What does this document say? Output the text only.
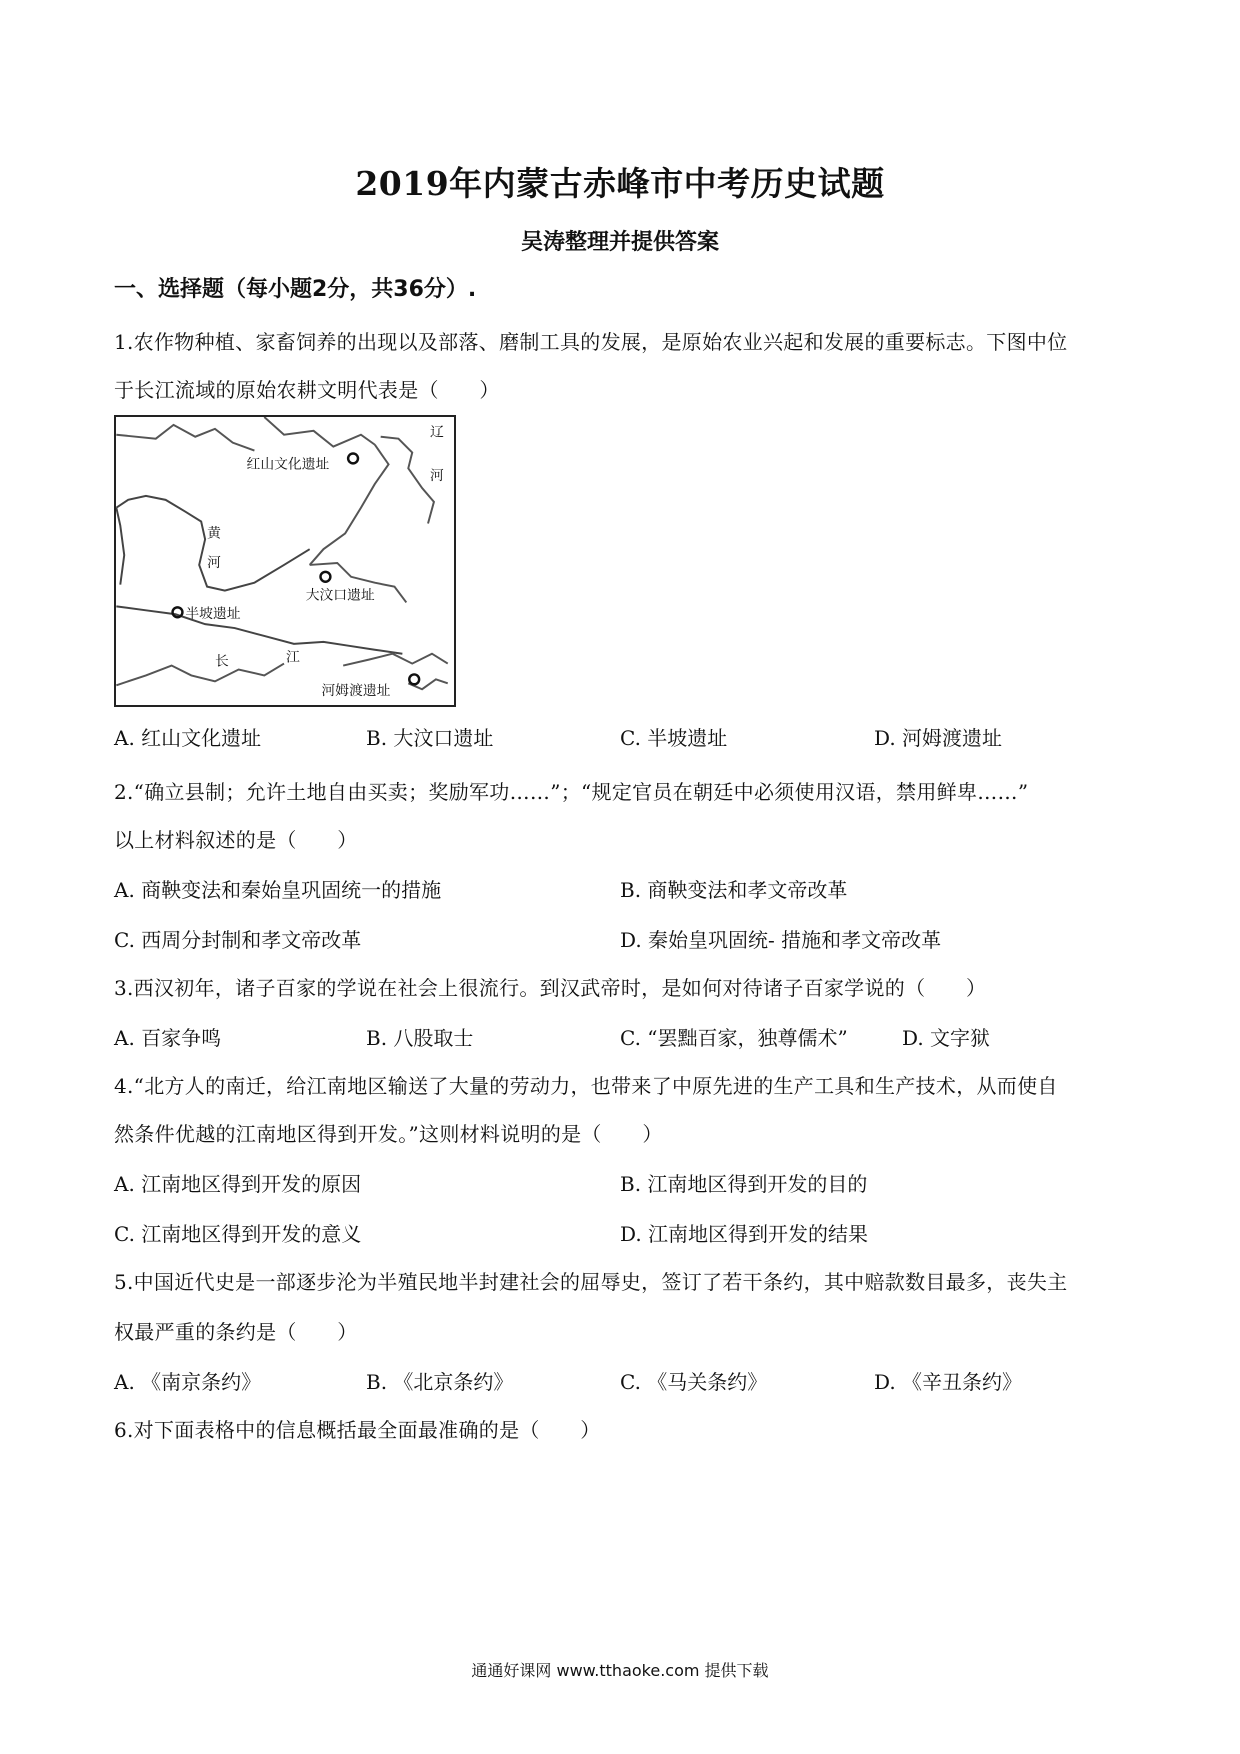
2019年内蒙古赤峰市中考历史试题
吴涛整理并提供答案
一、选择题（每小题2分，共36分）.
1.农作物种植、家畜饲养的出现以及部落、磨制工具的发展，是原始农业兴起和发展的重要标志。下图中位
于长江流域的原始农耕文明代表是（　　）
红山文化遗址
大汶口遗址
半坡遗址
河姆渡遗址
黄
河
长	江
辽
河
A. 红山文化遗址	B. 大汶口遗址	C. 半坡遗址	D. 河姆渡遗址
2.“确立县制；允许土地自由买卖；奖励军功……”；“规定官员在朝廷中必须使用汉语，禁用鲜卑……”
以上材料叙述的是（　　）
A. 商鞅变法和秦始皇巩固统一的措施	B. 商鞅变法和孝文帝改革
C. 西周分封制和孝文帝改革	D. 秦始皇巩固统- 措施和孝文帝改革
3.西汉初年，诸子百家的学说在社会上很流行。到汉武帝时，是如何对待诸子百家学说的（　　）
A. 百家争鸣	B. 八股取士	C. “罢黜百家，独尊儒术”	D. 文字狱
4.“北方人的南迁，给江南地区输送了大量的劳动力，也带来了中原先进的生产工具和生产技术，从而使自
然条件优越的江南地区得到开发。”这则材料说明的是（　　）
A. 江南地区得到开发的原因	B. 江南地区得到开发的目的
C. 江南地区得到开发的意义	D. 江南地区得到开发的结果
5.中国近代史是一部逐步沦为半殖民地半封建社会的屈辱史，签订了若干条约，其中赔款数目最多，丧失主
权最严重的条约是（　　）
A. 《南京条约》	B. 《北京条约》	C. 《马关条约》	D. 《辛丑条约》
6.对下面表格中的信息概括最全面最准确的是（　　）
通通好课网 www.tthaoke.com 提供下载
